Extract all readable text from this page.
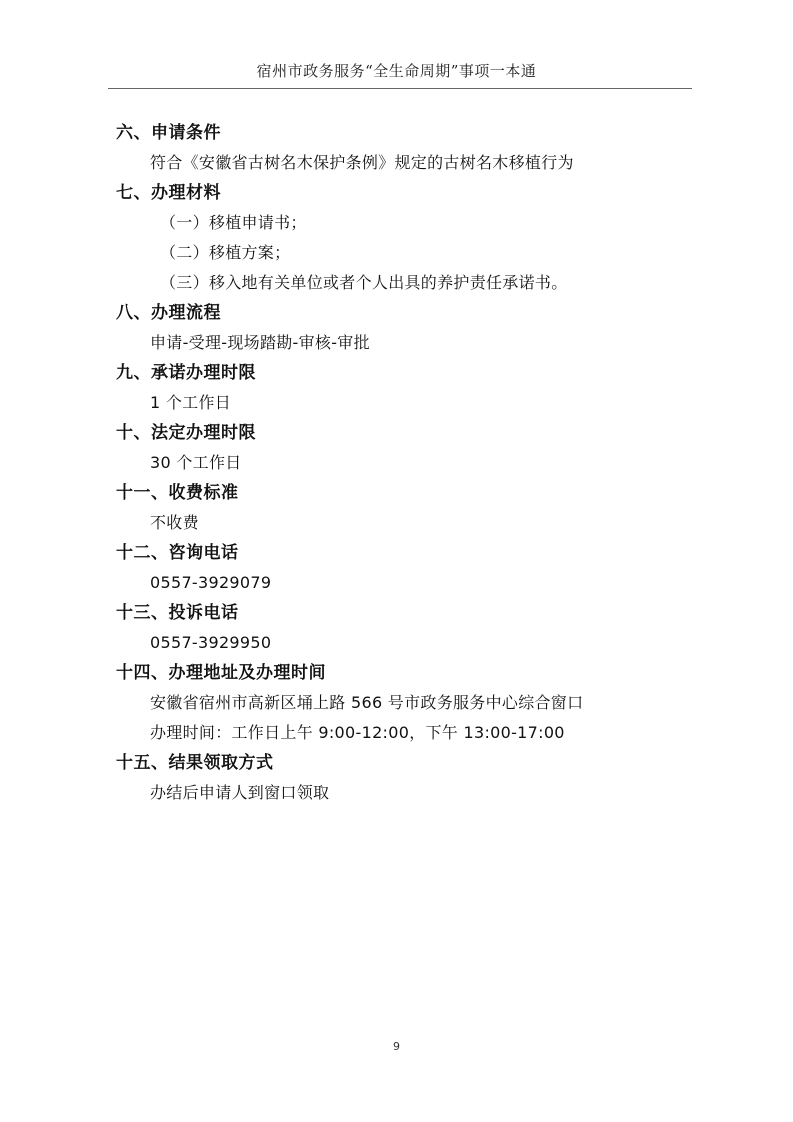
宿州市政务服务“全生命周期”事项一本通
六、申请条件
符合《安徽省古树名木保护条例》规定的古树名木移植行为
七、办理材料
（一）移植申请书；
（二）移植方案；
（三）移入地有关单位或者个人出具的养护责任承诺书。
八、办理流程
申请-受理-现场踏勘-审核-审批
九、承诺办理时限
1 个工作日
十、法定办理时限
30 个工作日
十一、收费标准
不收费
十二、咨询电话
0557-3929079
十三、投诉电话
0557-3929950
十四、办理地址及办理时间
安徽省宿州市高新区埇上路 566 号市政务服务中心综合窗口
办理时间：工作日上午 9:00-12:00，下午 13:00-17:00
十五、结果领取方式
办结后申请人到窗口领取
9
